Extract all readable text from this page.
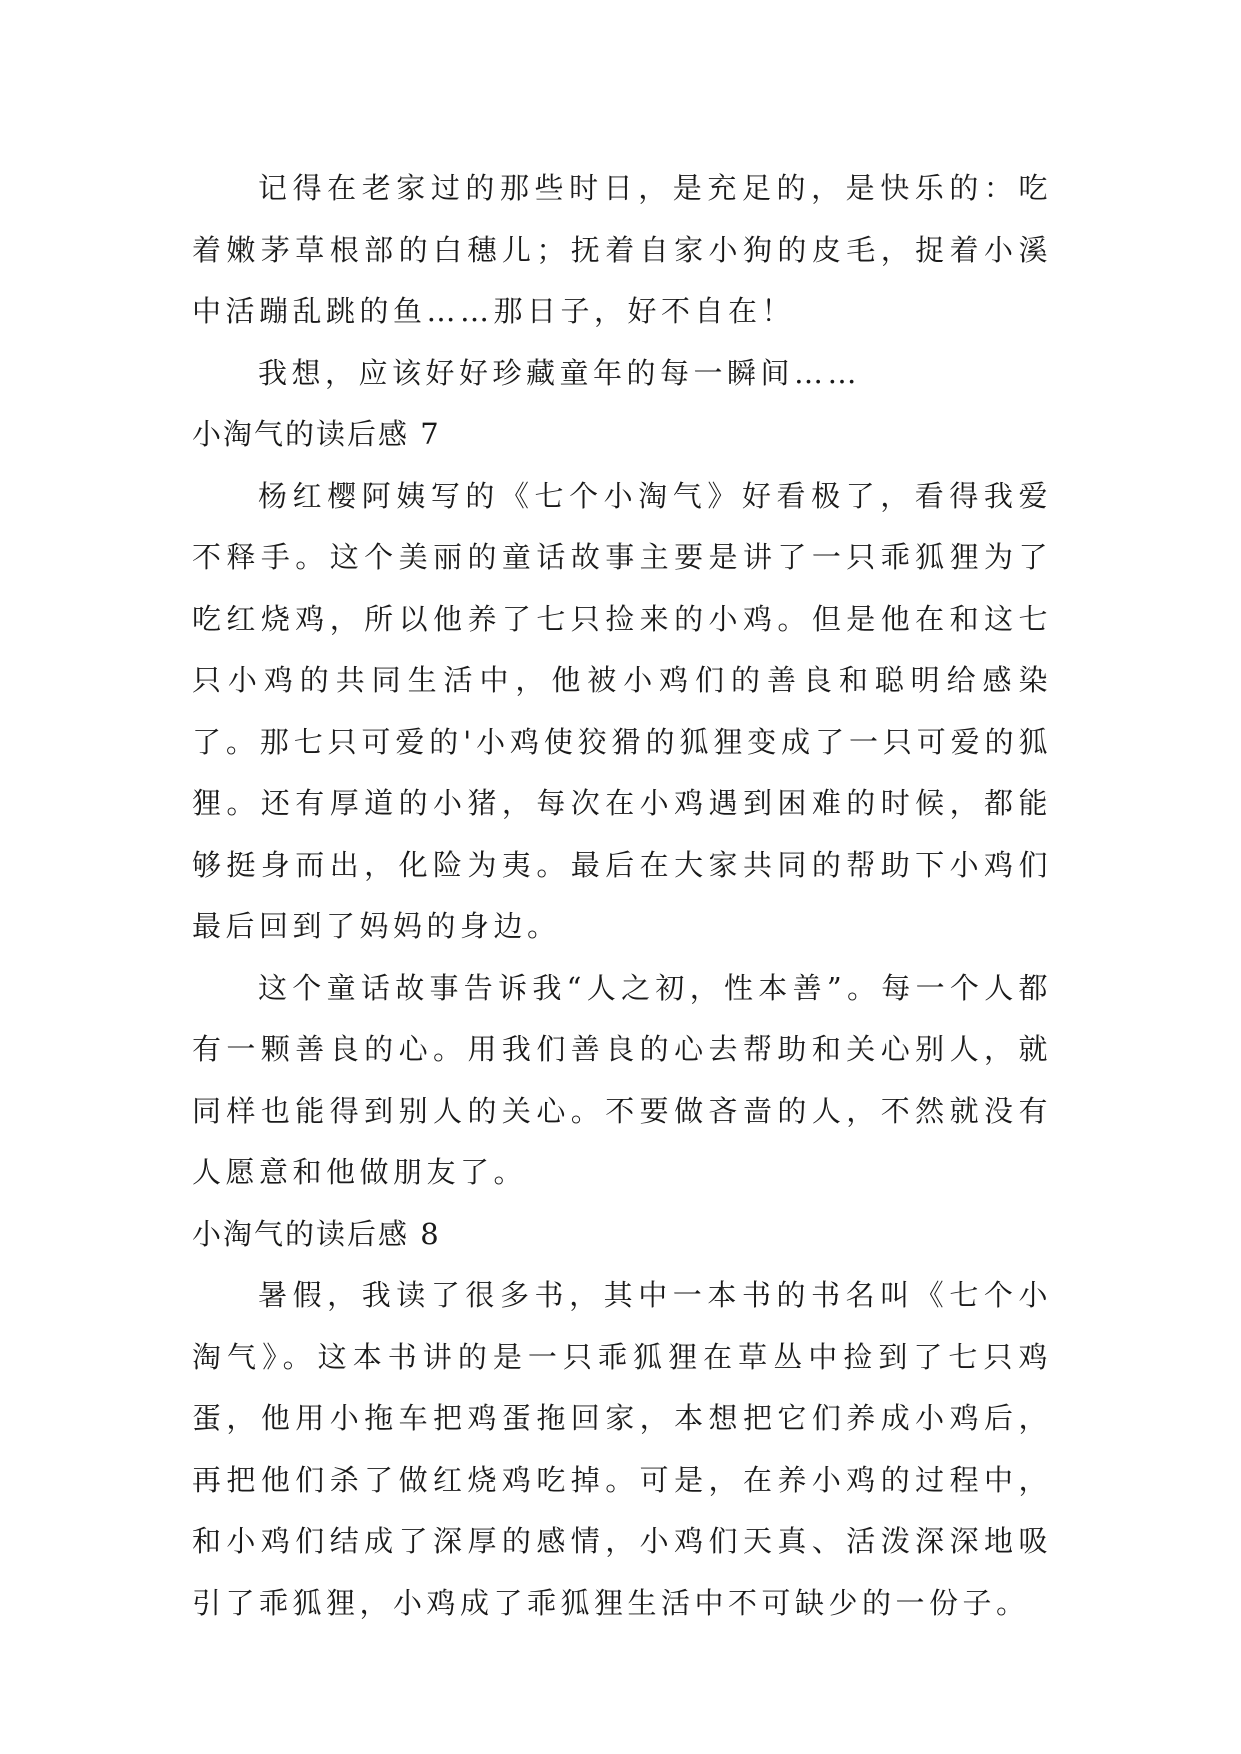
记得在老家过的那些时日，是充足的，是快乐的：吃着嫩茅草根部的白穗儿；抚着自家小狗的皮毛，捉着小溪中活蹦乱跳的鱼……那日子，好不自在！

我想，应该好好珍藏童年的每一瞬间……

小淘气的读后感 7

杨红樱阿姨写的《七个小淘气》好看极了，看得我爱不释手。这个美丽的童话故事主要是讲了一只乖狐狸为了吃红烧鸡，所以他养了七只捡来的小鸡。但是他在和这七只小鸡的共同生活中，他被小鸡们的善良和聪明给感染了。那七只可爱的'小鸡使狡猾的狐狸变成了一只可爱的狐狸。还有厚道的小猪，每次在小鸡遇到困难的时候，都能够挺身而出，化险为夷。最后在大家共同的帮助下小鸡们最后回到了妈妈的身边。

这个童话故事告诉我“人之初，性本善”。每一个人都有一颗善良的心。用我们善良的心去帮助和关心别人，就同样也能得到别人的关心。不要做吝啬的人，不然就没有人愿意和他做朋友了。

小淘气的读后感 8

暑假，我读了很多书，其中一本书的书名叫《七个小淘气》。这本书讲的是一只乖狐狸在草丛中捡到了七只鸡蛋，他用小拖车把鸡蛋拖回家，本想把它们养成小鸡后，再把他们杀了做红烧鸡吃掉。可是，在养小鸡的过程中，和小鸡们结成了深厚的感情，小鸡们天真、活泼深深地吸引了乖狐狸，小鸡成了乖狐狸生活中不可缺少的一份子。
